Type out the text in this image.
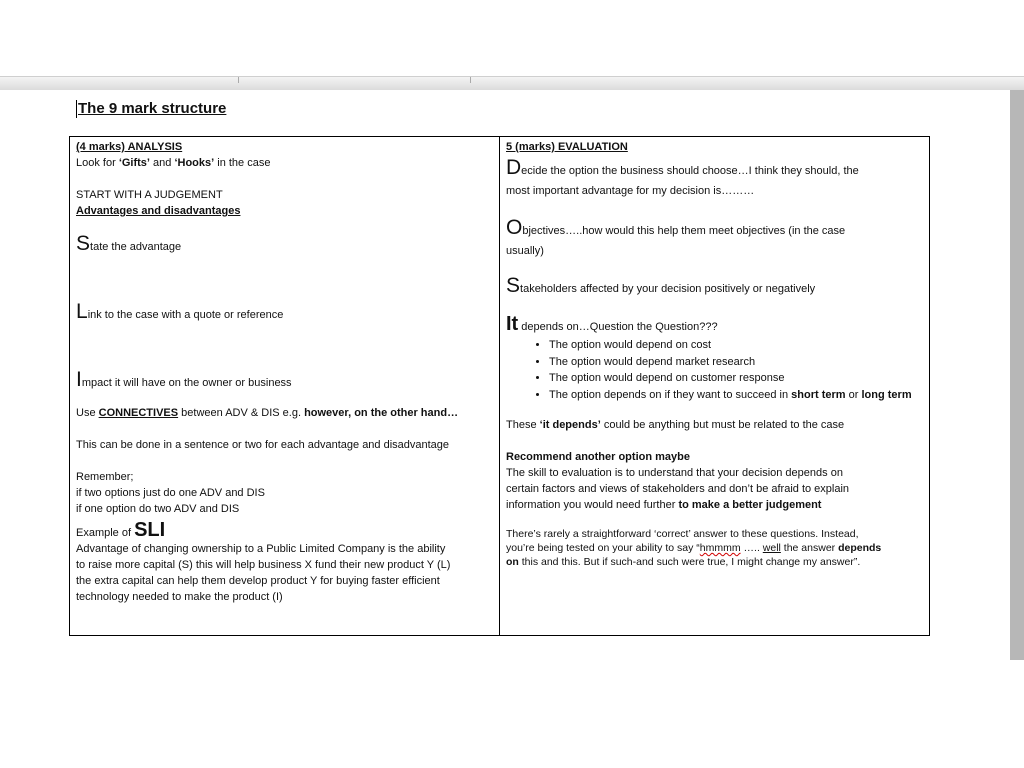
The 9 mark structure

(4 marks) ANALYSIS

Look for ‘Gifts’ and ‘Hooks’ in the case

START WITH A JUDGEMENT

Advantages and disadvantages

State the advantage

Link to the case with a quote or reference

Impact it will have on the owner or business

Use CONNECTIVES between ADV & DIS e.g. however, on the other hand…

This can be done in a sentence or two for each advantage and disadvantage

Remember;

if two options just do one ADV and DIS

if one option do two ADV and DIS

Example of SLI

Advantage of changing ownership to a Public Limited Company is the ability

to raise more capital (S) this will help business X fund their new product Y (L)

the extra capital can help them develop product Y for buying faster efficient

technology needed to make the product (I)

5 (marks) EVALUATION

Decide the option the business should choose…I think they should, the

most important advantage for my decision is………

Objectives…..how would this help them meet objectives (in the case

usually)

Stakeholders affected by your decision positively or negatively

It depends on…Question the Question???

• The option would depend on cost
• The option would depend market research
• The option would depend on customer response
• The option depends on if they want to succeed in short term or long term

These ‘it depends’ could be anything but must be related to the case

Recommend another option maybe

The skill to evaluation is to understand that your decision depends on

certain factors and views of stakeholders and don’t be afraid to explain

information you would need further to make a better judgement

There’s rarely a straightforward ‘correct’ answer to these questions. Instead,

you’re being tested on your ability to say “hmmmm ….. well the answer depends

on this and this. But if such-and such were true, I might change my answer”.
